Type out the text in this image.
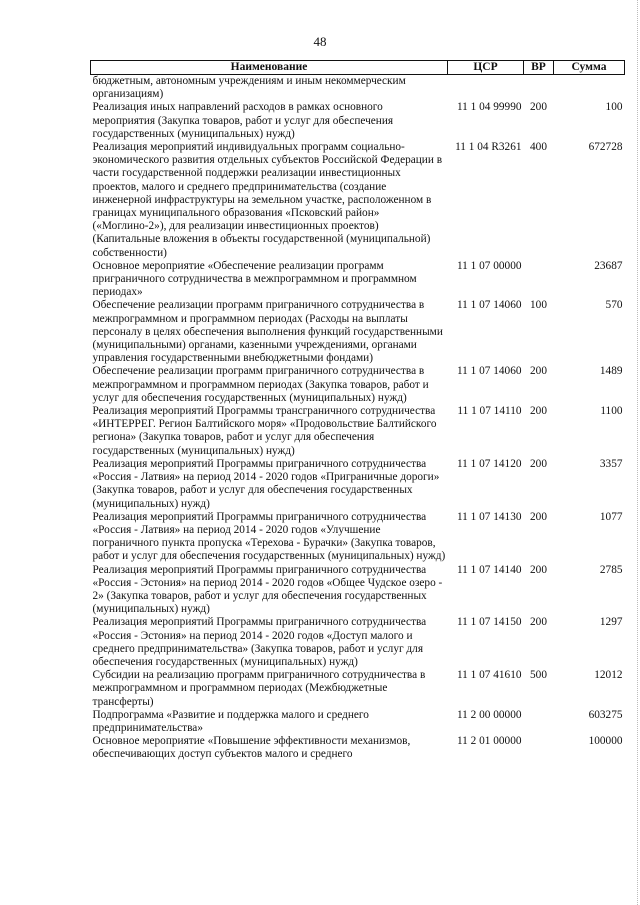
48
Наименование	ЦСР	ВР	Сумма
бюджетным, автономным учреждениям и иным некоммерческим организациям)			
Реализация иных направлений расходов в рамках основного мероприятия (Закупка товаров, работ и услуг для обеспечения государственных (муниципальных) нужд)	11 1 04 99990	200	100
Реализация мероприятий индивидуальных программ социально-экономического развития отдельных субъектов Российской Федерации в части государственной поддержки реализации инвестиционных проектов, малого и среднего предпринимательства (создание инженерной инфраструктуры на земельном участке, расположенном в границах муниципального образования «Псковский район» («Моглино-2»), для реализации инвестиционных проектов) (Капитальные вложения в объекты государственной (муниципальной) собственности)	11 1 04 R3261	400	672728
Основное мероприятие «Обеспечение реализации программ приграничного сотрудничества в межпрограммном и программном периодах»	11 1 07 00000		23687
Обеспечение реализации программ приграничного сотрудничества в межпрограммном и программном периодах (Расходы на выплаты персоналу в целях обеспечения выполнения функций государственными (муниципальными) органами, казенными учреждениями, органами управления государственными внебюджетными фондами)	11 1 07 14060	100	570
Обеспечение реализации программ приграничного сотрудничества в межпрограммном и программном периодах (Закупка товаров, работ и услуг для обеспечения государственных (муниципальных) нужд)	11 1 07 14060	200	1489
Реализация мероприятий Программы трансграничного сотрудничества «ИНТЕРРЕГ. Регион Балтийского моря» «Продовольствие Балтийского региона» (Закупка товаров, работ и услуг для обеспечения государственных (муниципальных) нужд)	11 1 07 14110	200	1100
Реализация мероприятий Программы приграничного сотрудничества «Россия - Латвия» на период 2014 - 2020 годов «Приграничные дороги» (Закупка товаров, работ и услуг для обеспечения государственных (муниципальных) нужд)	11 1 07 14120	200	3357
Реализация мероприятий Программы приграничного сотрудничества «Россия - Латвия» на период 2014 - 2020 годов «Улучшение пограничного пункта пропуска «Терехова - Бурачки» (Закупка товаров, работ и услуг для обеспечения государственных (муниципальных) нужд)	11 1 07 14130	200	1077
Реализация мероприятий Программы приграничного сотрудничества «Россия - Эстония» на период 2014 - 2020 годов «Общее Чудское озеро - 2» (Закупка товаров, работ и услуг для обеспечения государственных (муниципальных) нужд)	11 1 07 14140	200	2785
Реализация мероприятий Программы приграничного сотрудничества «Россия - Эстония» на период 2014 - 2020 годов «Доступ малого и среднего предпринимательства» (Закупка товаров, работ и услуг для обеспечения государственных (муниципальных) нужд)	11 1 07 14150	200	1297
Субсидии на реализацию программ приграничного сотрудничества в межпрограммном и программном периодах (Межбюджетные трансферты)	11 1 07 41610	500	12012
Подпрограмма «Развитие и поддержка малого и среднего предпринимательства»	11 2 00 00000		603275
Основное мероприятие «Повышение эффективности механизмов, обеспечивающих доступ субъектов малого и среднего	11 2 01 00000		100000
